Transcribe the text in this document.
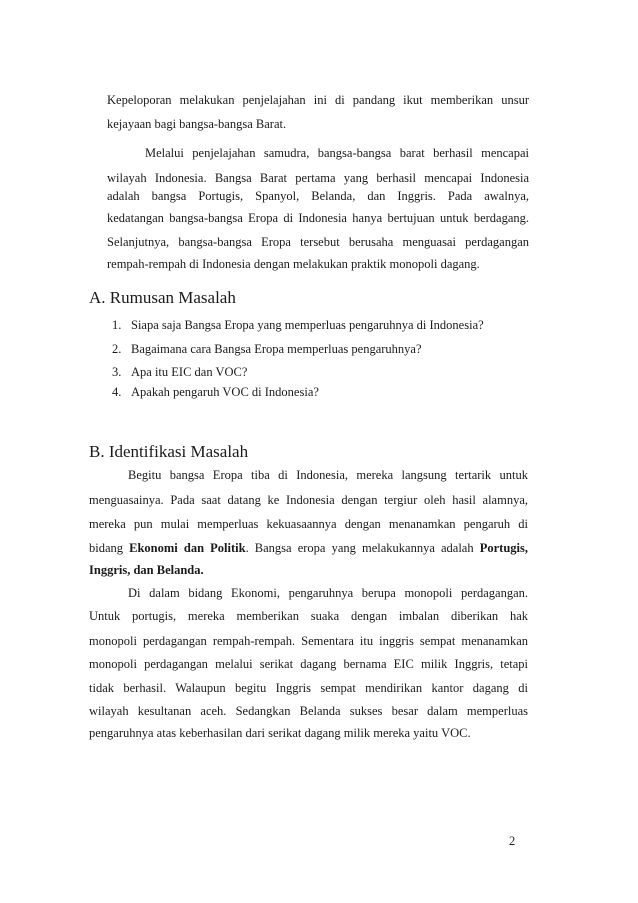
Kepeloporan melakukan penjelajahan ini di pandang ikut memberikan unsur
kejayaan bagi bangsa-bangsa Barat.
Melalui penjelajahan samudra, bangsa-bangsa barat berhasil mencapai
wilayah Indonesia. Bangsa Barat pertama yang berhasil mencapai Indonesia
adalah bangsa Portugis, Spanyol, Belanda, dan Inggris. Pada awalnya,
kedatangan bangsa-bangsa Eropa di Indonesia hanya bertujuan untuk berdagang.
Selanjutnya, bangsa-bangsa Eropa tersebut berusaha menguasai perdagangan
rempah-rempah di Indonesia dengan melakukan praktik monopoli dagang.
A. Rumusan Masalah
1. Siapa saja Bangsa Eropa yang memperluas pengaruhnya di Indonesia?
2. Bagaimana cara Bangsa Eropa memperluas pengaruhnya?
3. Apa itu EIC dan VOC?
4. Apakah pengaruh VOC di Indonesia?
B. Identifikasi Masalah
Begitu bangsa Eropa tiba di Indonesia, mereka langsung tertarik untuk
menguasainya. Pada saat datang ke Indonesia dengan tergiur oleh hasil alamnya,
mereka pun mulai memperluas kekuasaannya dengan menanamkan pengaruh di
bidang Ekonomi dan Politik. Bangsa eropa yang melakukannya adalah Portugis,
Inggris, dan Belanda.
Di dalam bidang Ekonomi, pengaruhnya berupa monopoli perdagangan.
Untuk portugis, mereka memberikan suaka dengan imbalan diberikan hak
monopoli perdagangan rempah-rempah. Sementara itu inggris sempat menanamkan
monopoli perdagangan melalui serikat dagang bernama EIC milik Inggris, tetapi
tidak berhasil. Walaupun begitu Inggris sempat mendirikan kantor dagang di
wilayah kesultanan aceh. Sedangkan Belanda sukses besar dalam memperluas
pengaruhnya atas keberhasilan dari serikat dagang milik mereka yaitu VOC.
2
